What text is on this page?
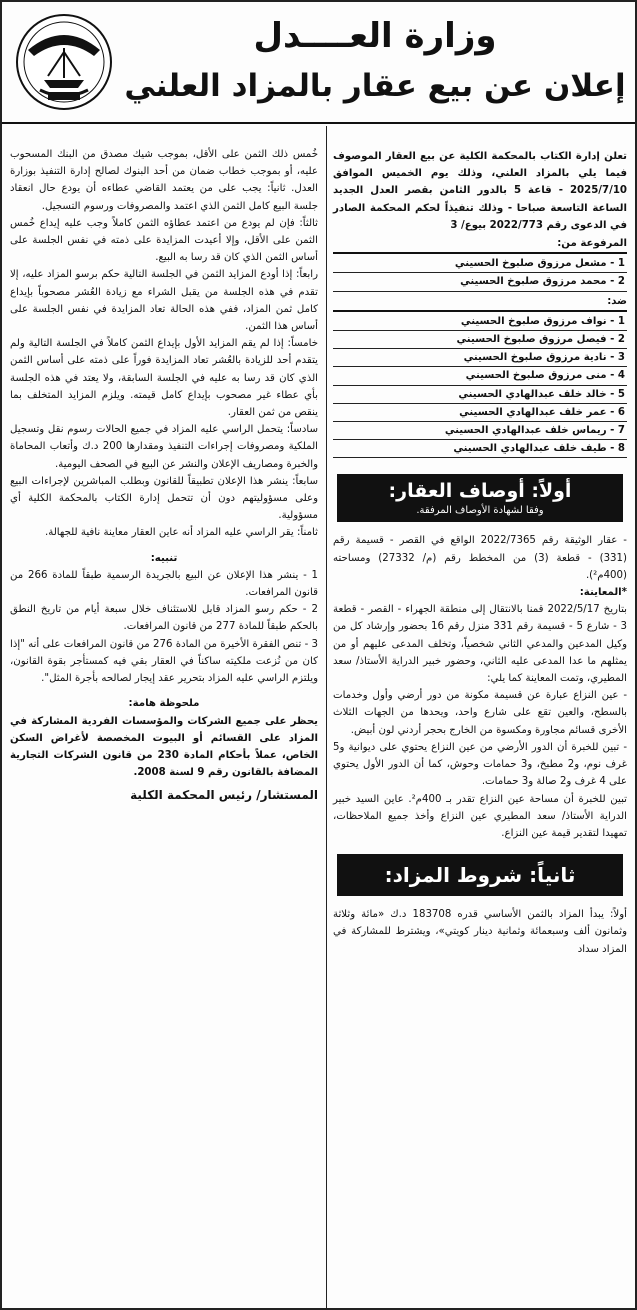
وزارة العــــدل
إعلان عن بيع عقار بالمزاد العلني

تعلن إدارة الكتاب بالمحكمة الكلية عن بيع العقار الموصوف فيما يلي بالمزاد العلني، وذلك يوم الخميس الموافق 2025/7/10 - قاعة 5 بالدور الثامن بقصر العدل الجديد الساعة التاسعة صباحا - وذلك تنفيذاً لحكم المحكمة الصادر في الدعوى رقم 2022/773 بيوع/ 3

المرفوعة من:
1 - مشعل مرزوق صلبوخ الحسيني
2 - محمد مرزوق صلبوخ الحسيني
ضد:
1 - نواف مرزوق صلبوخ الحسيني
2 - فيصل مرزوق صلبوخ الحسيني
3 - نادية مرزوق صلبوخ الحسيني
4 - منى مرزوق صلبوخ الحسيني
5 - خالد خلف عبدالهادي الحسيني
6 - عمر خلف عبدالهادي الحسيني
7 - ريماس خلف عبدالهادي الحسيني
8 - طيف خلف عبدالهادي الحسيني
أولاً: أوصاف العقار:
وفقا لشهادة الأوصاف المرفقة.

- عقار الوثيقة رقم 2022/7365 الواقع في القصر - قسيمة رقم (331) - قطعة (3) من المخطط رقم (م/ 27332) ومساحته (400م²).

*المعاينة:

بتاريخ 2022/5/17 قمنا بالانتقال إلى منطقة الجهراء - القصر - قطعة 3 - شارع 5 - قسيمة رقم 331 منزل رقم 16 بحضور وإرشاد كل من وكيل المدعين والمدعي الثاني شخصياً، وتخلف المدعى عليهم أو من يمثلهم ما عدا المدعى عليه الثاني، وحضور خبير الدراية الأستاذ/ سعد المطيري، وتمت المعاينة كما يلي:

- عين النزاع عبارة عن قسيمة مكونة من دور أرضي وأول وخدمات بالسطح، والعين تقع على شارع واحد، ويحدها من الجهات الثلاث الأخرى قسائم مجاورة ومكسوة من الخارج بحجر أردني لون أبيض.

- تبين للخبرة أن الدور الأرضي من عين النزاع يحتوي على ديوانية و5 غرف نوم، و2 مطبخ، و3 حمامات وحوش، كما أن الدور الأول يحتوي على 4 غرف و2 صالة و3 حمامات.

تبين للخبرة أن مساحة عين النزاع تقدر بـ 400م². عاين السيد خبير الدراية الأستاذ/ سعد المطيري عين النزاع وأخذ جميع الملاحظات، تمهيدا لتقدير قيمة عين النزاع.

ثانياً: شروط المزاد:

أولاً: يبدأ المزاد بالثمن الأساسي قدره 183708 د.ك «مائة وثلاثة وثمانون ألف وسبعمائة وثمانية دينار كويتي»، ويشترط للمشاركة في المزاد سداد

خُمس ذلك الثمن على الأقل، بموجب شيك مصدق من البنك المسحوب عليه، أو بموجب خطاب ضمان من أحد البنوك لصالح إدارة التنفيذ بوزارة العدل. ثانياً: يجب على من يعتمد القاضي عطاءه أن يودع حال انعقاد جلسة البيع كامل الثمن الذي اعتمد والمصروفات ورسوم التسجيل.

ثالثاً: فإن لم يودع من اعتمد عطاؤه الثمن كاملاً وجب عليه إيداع خُمس الثمن على الأقل، وإلا أعيدت المزايدة على ذمته في نفس الجلسة على أساس الثمن الذي كان قد رسا به البيع.

رابعاً: إذا أودع المزايد الثمن في الجلسة التالية حكم برسو المزاد عليه، إلا تقدم في هذه الجلسة من يقبل الشراء مع زيادة العُشر مصحوباً بإيداع كامل ثمن المزاد، ففي هذه الحالة تعاد المزايدة في نفس الجلسة على أساس هذا الثمن.

خامساً: إذا لم يقم المزايد الأول بإيداع الثمن كاملاً في الجلسة التالية ولم يتقدم أحد للزيادة بالعُشر تعاد المزايدة فوراً على ذمته على أساس الثمن الذي كان قد رسا به عليه في الجلسة السابقة، ولا يعتد في هذه الجلسة بأي عطاء غير مصحوب بإيداع كامل قيمته. ويلزم المزايد المتخلف بما ينقص من ثمن العقار.

سادساً: يتحمل الراسي عليه المزاد في جميع الحالات رسوم نقل وتسجيل الملكية ومصروفات إجراءات التنفيذ ومقدارها 200 د.ك وأتعاب المحاماة والخبرة ومصاريف الإعلان والنشر عن البيع في الصحف اليومية.

سابعاً: ينشر هذا الإعلان تطبيقاً للقانون وبطلب المباشرين لإجراءات البيع وعلى مسؤوليتهم دون أن تتحمل إدارة الكتاب بالمحكمة الكلية أي مسؤولية.

ثامناً: يقر الراسي عليه المزاد أنه عاين العقار معاينة نافية للجهالة.

تنبيه:

1 - ينشر هذا الإعلان عن البيع بالجريدة الرسمية طبقاً للمادة 266 من قانون المرافعات.

2 - حكم رسو المزاد قابل للاستئناف خلال سبعة أيام من تاريخ النطق بالحكم طبقاً للمادة 277 من قانون المرافعات.

3 - تنص الفقرة الأخيرة من المادة 276 من قانون المرافعات على أنه "إذا كان من نُزعت ملكيته ساكناً في العقار بقي فيه كمستأجر بقوة القانون، ويلتزم الراسي عليه المزاد بتحرير عقد إيجار لصالحه بأجرة المثل".

ملحوظة هامة:

يحظر على جميع الشركات والمؤسسات الفردية المشاركة في المزاد على القسائم أو البيوت المخصصة لأغراض السكن الخاص، عملاً بأحكام المادة 230 من قانون الشركات التجارية المضافة بالقانون رقم 9 لسنة 2008.

المستشار/ رئيس المحكمة الكلية
